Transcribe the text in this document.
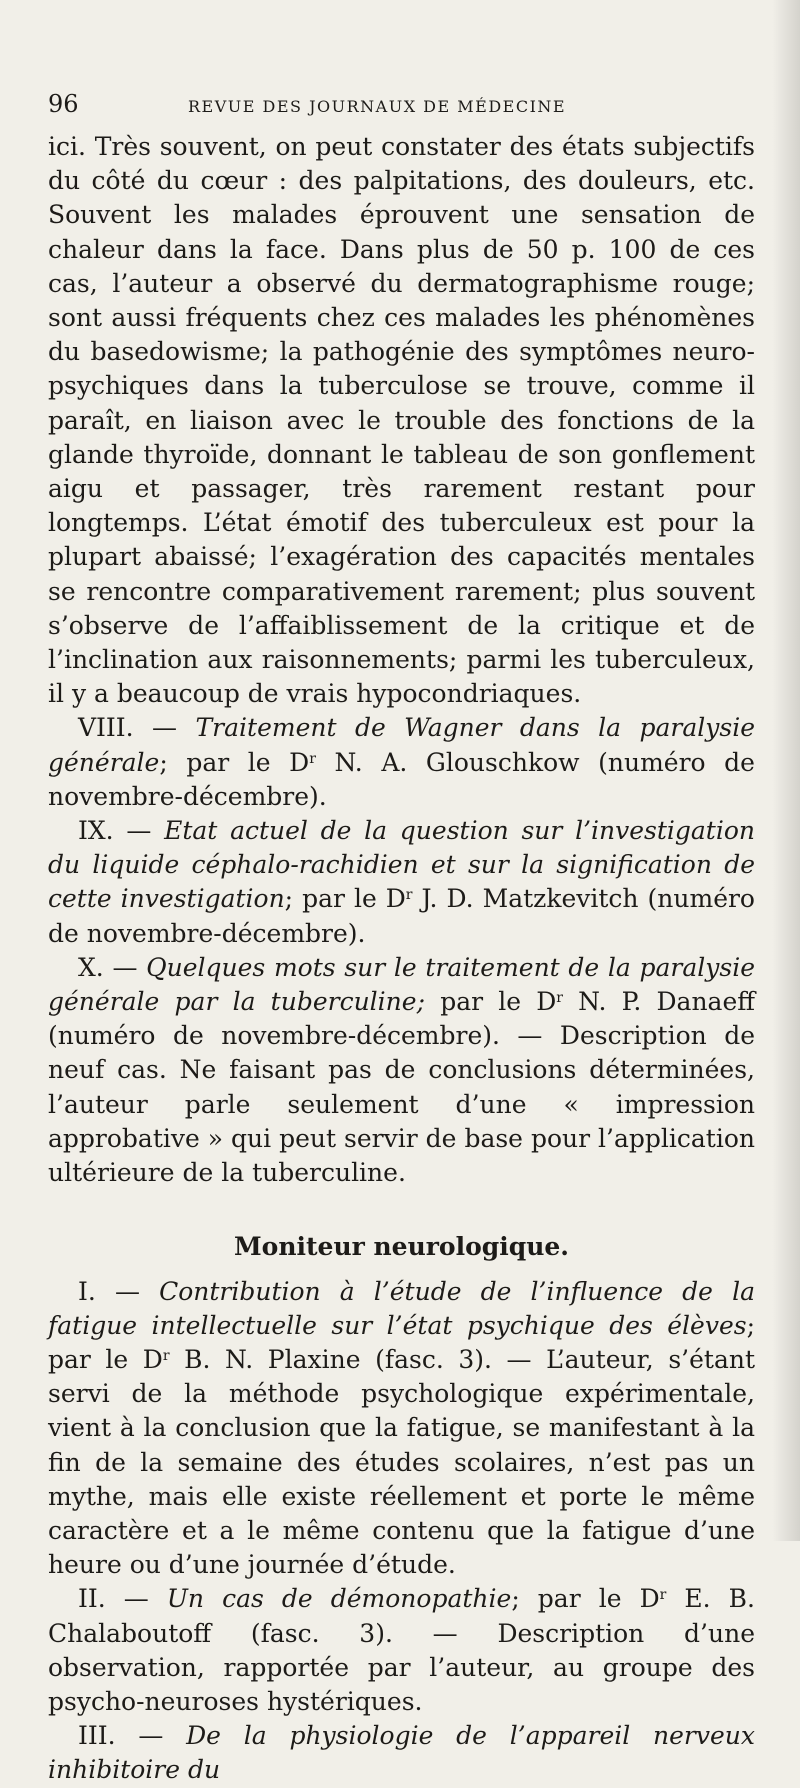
96	REVUE DES JOURNAUX DE MÉDECINE

ici. Très souvent, on peut constater des états subjectifs du côté du cœur : des palpitations, des douleurs, etc. Souvent les malades éprouvent une sensation de chaleur dans la face. Dans plus de 50 p. 100 de ces cas, l’auteur a observé du dermatographisme rouge; sont aussi fréquents chez ces malades les phénomènes du basedowisme; la pathogénie des symptômes neuro-psychiques dans la tuberculose se trouve, comme il paraît, en liaison avec le trouble des fonctions de la glande thyroïde, donnant le tableau de son gonflement aigu et passager, très rarement restant pour longtemps. L’état émotif des tuberculeux est pour la plupart abaissé; l’exagération des capacités mentales se rencontre comparativement rarement; plus souvent s’observe de l’affaiblissement de la critique et de l’inclination aux raisonnements; parmi les tuberculeux, il y a beaucoup de vrais hypocondriaques.

VIII. — Traitement de Wagner dans la paralysie générale; par le $D^r$ N. A. Glouschkow (numéro de novembre-décembre).

IX. — Etat actuel de la question sur l’investigation du liquide céphalo-rachidien et sur la signification de cette investigation; par le $D^r$ J. D. Matzkevitch (numéro de novembre-décembre).

X. — Quelques mots sur le traitement de la paralysie générale par la tuberculine; par le $D^r$ N. P. Danaeff (numéro de novembre-décembre). — Description de neuf cas. Ne faisant pas de conclusions déterminées, l’auteur parle seulement d’une « impression approbative » qui peut servir de base pour l’application ultérieure de la tuberculine.

Moniteur neurologique.

I. — Contribution à l’étude de l’influence de la fatigue intellectuelle sur l’état psychique des élèves; par le $D^r$ B. N. Plaxine (fasc. 3). — L’auteur, s’étant servi de la méthode psychologique expérimentale, vient à la conclusion que la fatigue, se manifestant à la fin de la semaine des études scolaires, n’est pas un mythe, mais elle existe réellement et porte le même caractère et a le même contenu que la fatigue d’une heure ou d’une journée d’étude.

II. — Un cas de démonopathie; par le $D^r$ E. B. Chalaboutoff (fasc. 3). — Description d’une observation, rapportée par l’auteur, au groupe des psycho-neuroses hystériques.

III. — De la physiologie de l’appareil nerveux inhibitoire du
